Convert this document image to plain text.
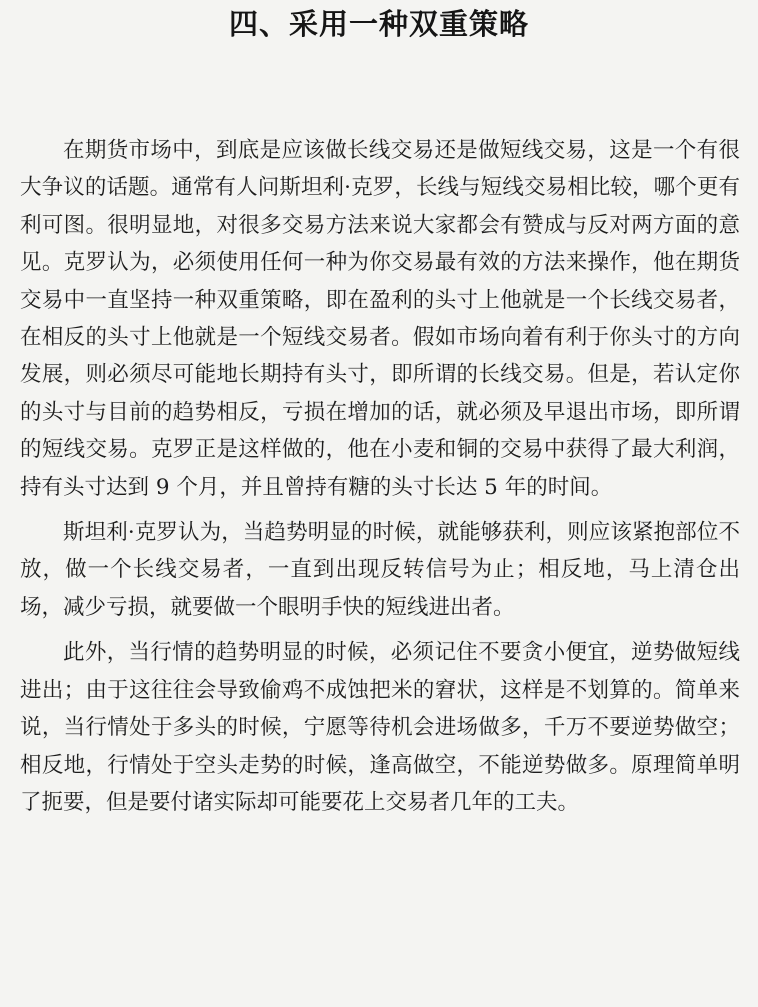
四、采用一种双重策略

在期货市场中，到底是应该做长线交易还是做短线交易，这是一个有很大争议的话题。通常有人问斯坦利·克罗，长线与短线交易相比较，哪个更有利可图。很明显地，对很多交易方法来说大家都会有赞成与反对两方面的意见。克罗认为，必须使用任何一种为你交易最有效的方法来操作，他在期货交易中一直坚持一种双重策略，即在盈利的头寸上他就是一个长线交易者，在相反的头寸上他就是一个短线交易者。假如市场向着有利于你头寸的方向发展，则必须尽可能地长期持有头寸，即所谓的长线交易。但是，若认定你的头寸与目前的趋势相反，亏损在增加的话，就必须及早退出市场，即所谓的短线交易。克罗正是这样做的，他在小麦和铜的交易中获得了最大利润，持有头寸达到 9 个月，并且曾持有糖的头寸长达 5 年的时间。

斯坦利·克罗认为，当趋势明显的时候，就能够获利，则应该紧抱部位不放，做一个长线交易者，一直到出现反转信号为止；相反地，马上清仓出场，减少亏损，就要做一个眼明手快的短线进出者。

此外，当行情的趋势明显的时候，必须记住不要贪小便宜，逆势做短线进出；由于这往往会导致偷鸡不成蚀把米的窘状，这样是不划算的。简单来说，当行情处于多头的时候，宁愿等待机会进场做多，千万不要逆势做空；相反地，行情处于空头走势的时候，逢高做空，不能逆势做多。原理简单明了扼要，但是要付诸实际却可能要花上交易者几年的工夫。
